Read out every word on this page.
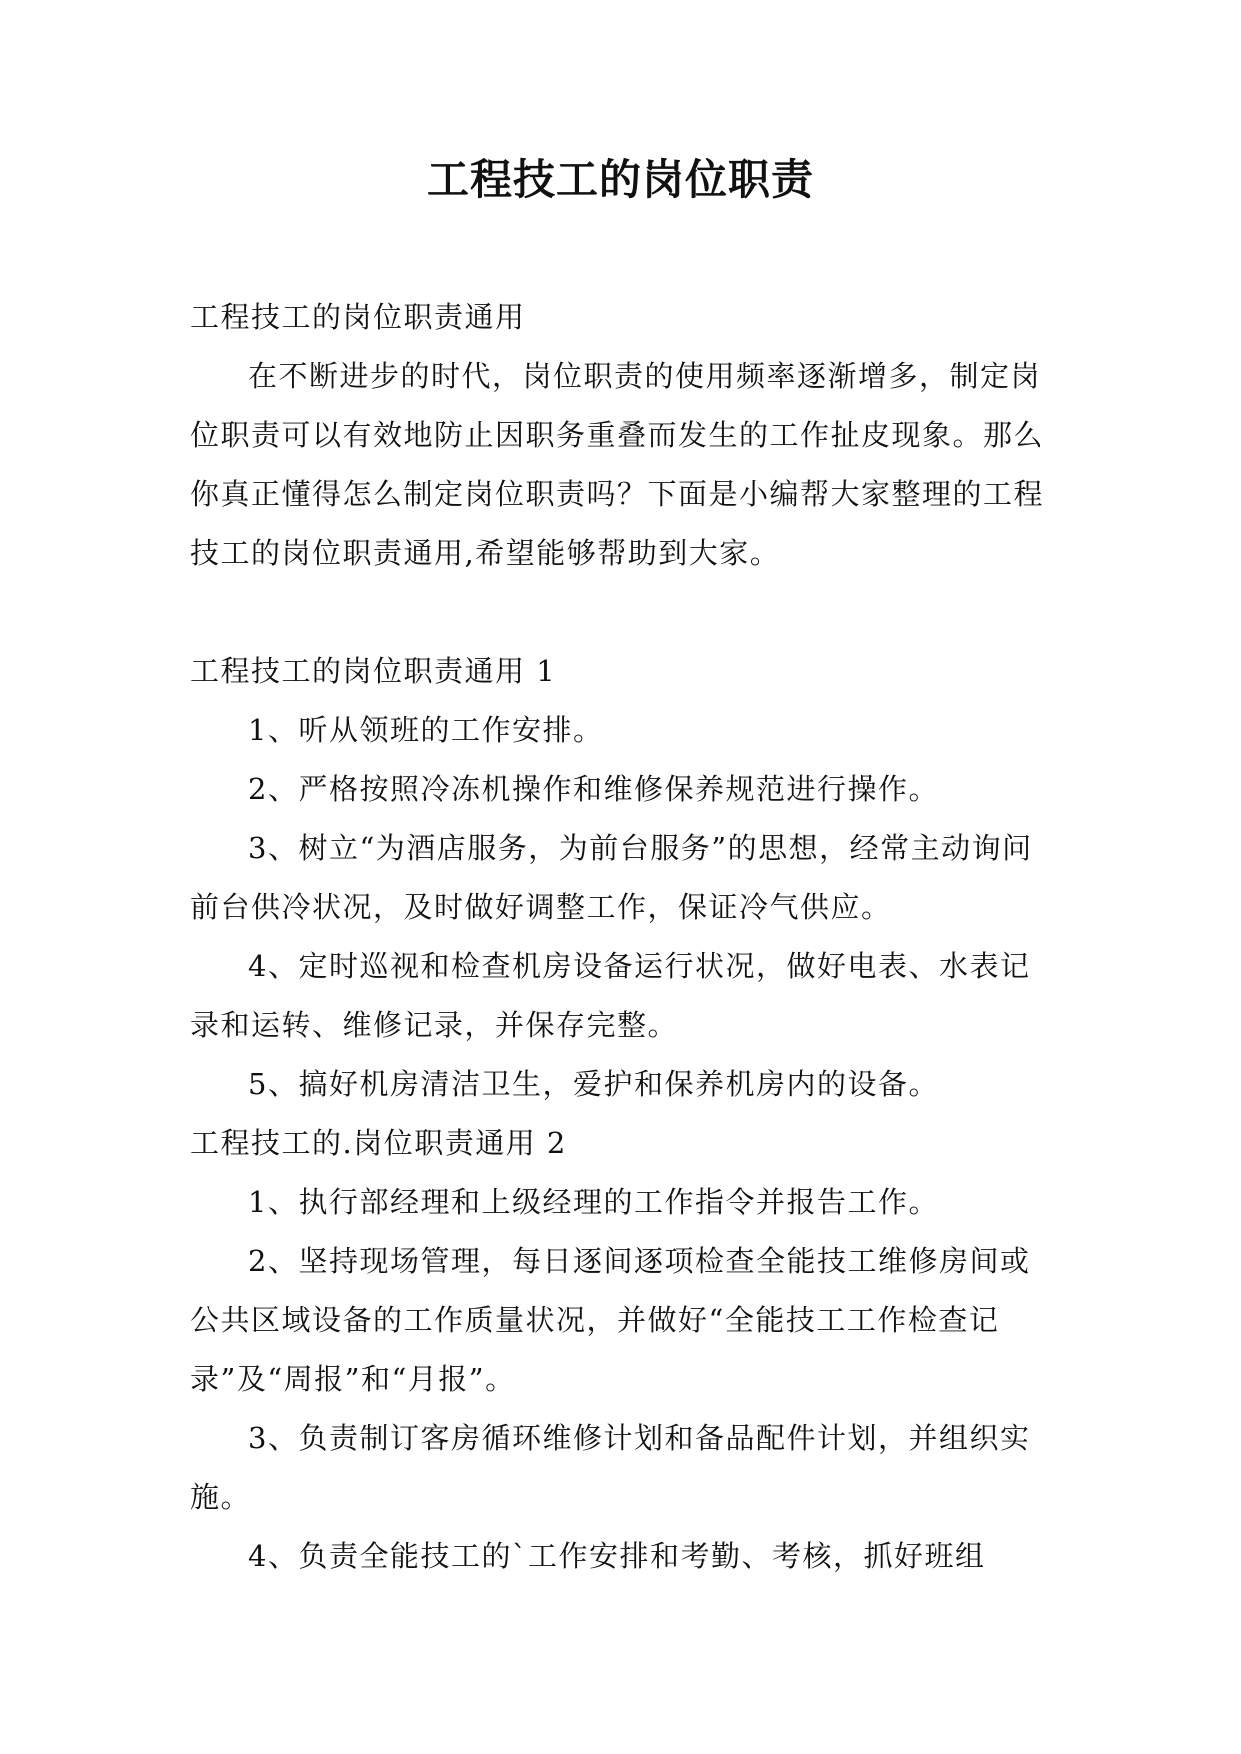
工程技工的岗位职责

工程技工的岗位职责通用

在不断进步的时代，岗位职责的使用频率逐渐增多，制定岗位职责可以有效地防止因职务重叠而发生的工作扯皮现象。那么你真正懂得怎么制定岗位职责吗？下面是小编帮大家整理的工程技工的岗位职责通用,希望能够帮助到大家。

工程技工的岗位职责通用 1

1、听从领班的工作安排。

2、严格按照冷冻机操作和维修保养规范进行操作。

3、树立“为酒店服务，为前台服务”的思想，经常主动询问前台供冷状况，及时做好调整工作，保证冷气供应。

4、定时巡视和检查机房设备运行状况，做好电表、水表记录和运转、维修记录，并保存完整。

5、搞好机房清洁卫生，爱护和保养机房内的设备。

工程技工的.岗位职责通用 2

1、执行部经理和上级经理的工作指令并报告工作。

2、坚持现场管理，每日逐间逐项检查全能技工维修房间或公共区域设备的工作质量状况，并做好“全能技工工作检查记录”及“周报”和“月报”。

3、负责制订客房循环维修计划和备品配件计划，并组织实施。

4、负责全能技工的`工作安排和考勤、考核，抓好班组
